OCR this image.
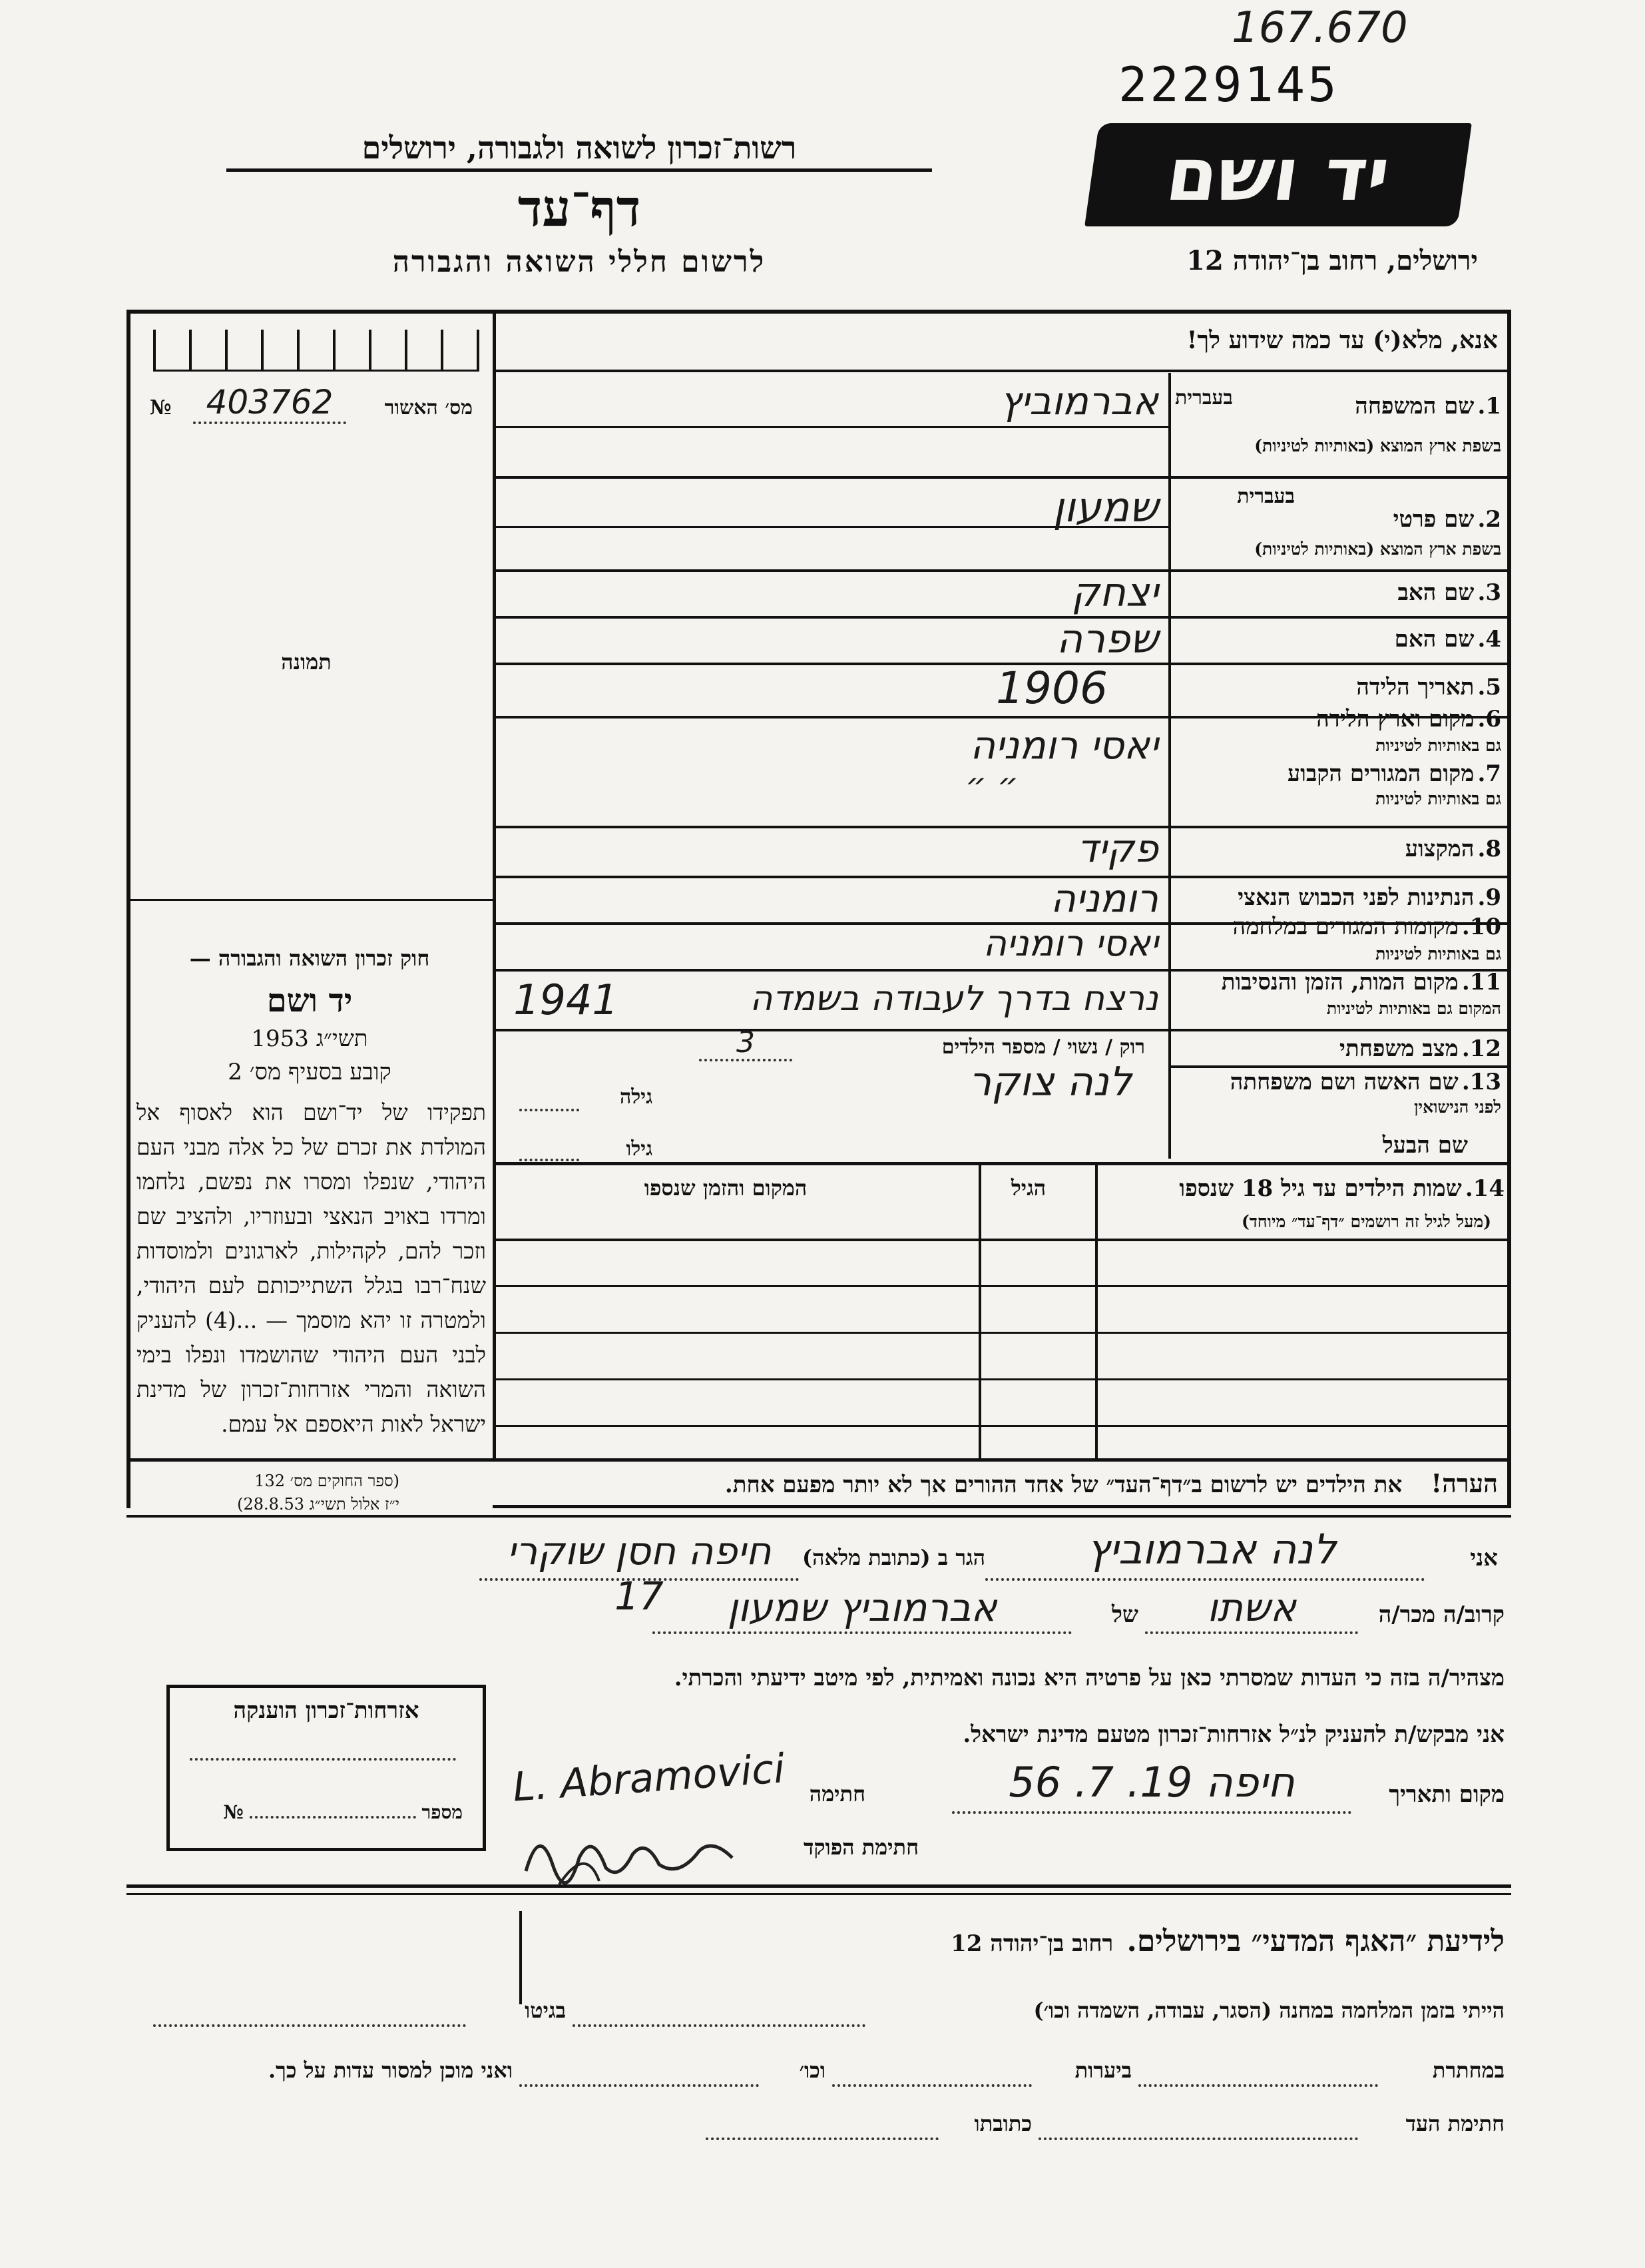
167.670
2229145
רשות־זכרון לשואה ולגבורה, ירושלים
דף־עד
לרשום חללי השואה והגבורה
יד ושם
ירושלים, רחוב בן־יהודה 12
אנא, מלא(י) עד כמה שידוע לך!
מס׳ האשור
403762
№
תמונה
1. שם המשפחה
בשפת ארץ המוצא (באותיות לטיניות)
בעברית
אברמוביץ
2. שם פרטי
בשפת ארץ המוצא (באותיות לטיניות)
בעברית
שמעון
3. שם האב
יצחק
4. שם האם
שפרה
5. תאריך הלידה
1906
6. מקום וארץ הלידה
גם באותיות לטיניות
יאסי רומניה
7. מקום המגורים הקבוע
גם באותיות לטיניות
״ ״
8. המקצוע
פקיד
9. הנתינות לפני הכבוש הנאצי
רומניה
10. מקומות המגורים במלחמה
גם באותיות לטיניות
יאסי רומניה
11. מקום המות, הזמן והנסיבות
המקום גם באותיות לטיניות
נרצח בדרך לעבודה בשמדה
1941
12. מצב משפחתי
רוק / נשוי / מספר הילדים
3
13. שם האשה ושם משפחתה
לפני הנישואין
לנה צוקר
גילה
שם הבעל
גילו
14. שמות הילדים עד גיל 18 שנספו
(מעל לגיל זה רושמים ״דף־עד״ מיוחד)
הגיל
המקום והזמן שנספו
חוק זכרון השואה והגבורה —
יד ושם
תשי״ג 1953
קובע בסעיף מס׳ 2
תפקידו של יד־ושם הוא לאסוף אל המולדת את זכרם של כל אלה מבני העם היהודי, שנפלו ומסרו את נפשם, נלחמו ומרדו באויב הנאצי ובעוזריו, ולהציב שם וזכר להם, לקהילות, לארגונים ולמוסדות שנח־רבו בגלל השתייכותם לעם היהודי, ולמטרה זו יהא מוסמך — ...(4) להעניק לבני העם היהודי שהושמדו ונפלו בימי השואה והמרי אזרחות־זכרון של מדינת ישראל לאות היאספם אל עמם.
(ספר החוקים מס׳ 132
י״ז אלול תשי״ג 28.8.53)
הערה!    את הילדים יש לרשום ב״דף־העד״ של אחד ההורים אך לא יותר מפעם אחת.
אני
לנה אברמוביץ
הגר ב (כתובת מלאה)
חיפה חסן שוקרי 17	קרוב/ה מכר/ה
אשתו
של
אברמוביץ שמעון
מצהיר/ה בזה כי העדות שמסרתי כאן על פרטיה היא נכונה ואמיתית, לפי מיטב ידיעתי והכרתי.
אני מבקש/ת להעניק לנ״ל אזרחות־זכרון מטעם מדינת ישראל.
אזרחות־זכרון הוענקה
מספר  №
מקום ותאריך
חיפה 19. 7. 56
חתימה
L. Abramovici
חתימת הפוקד
לידיעת ״האגף המדעי״ בירושלים.    רחוב בן־יהודה 12
הייתי בזמן המלחמה במחנה (הסגר, עבודה, השמדה וכו׳)
בגיטו
במחתרת
ביערות
וכו׳
ואני מוכן למסור עדות על כך.
חתימת העד
כתובתו
